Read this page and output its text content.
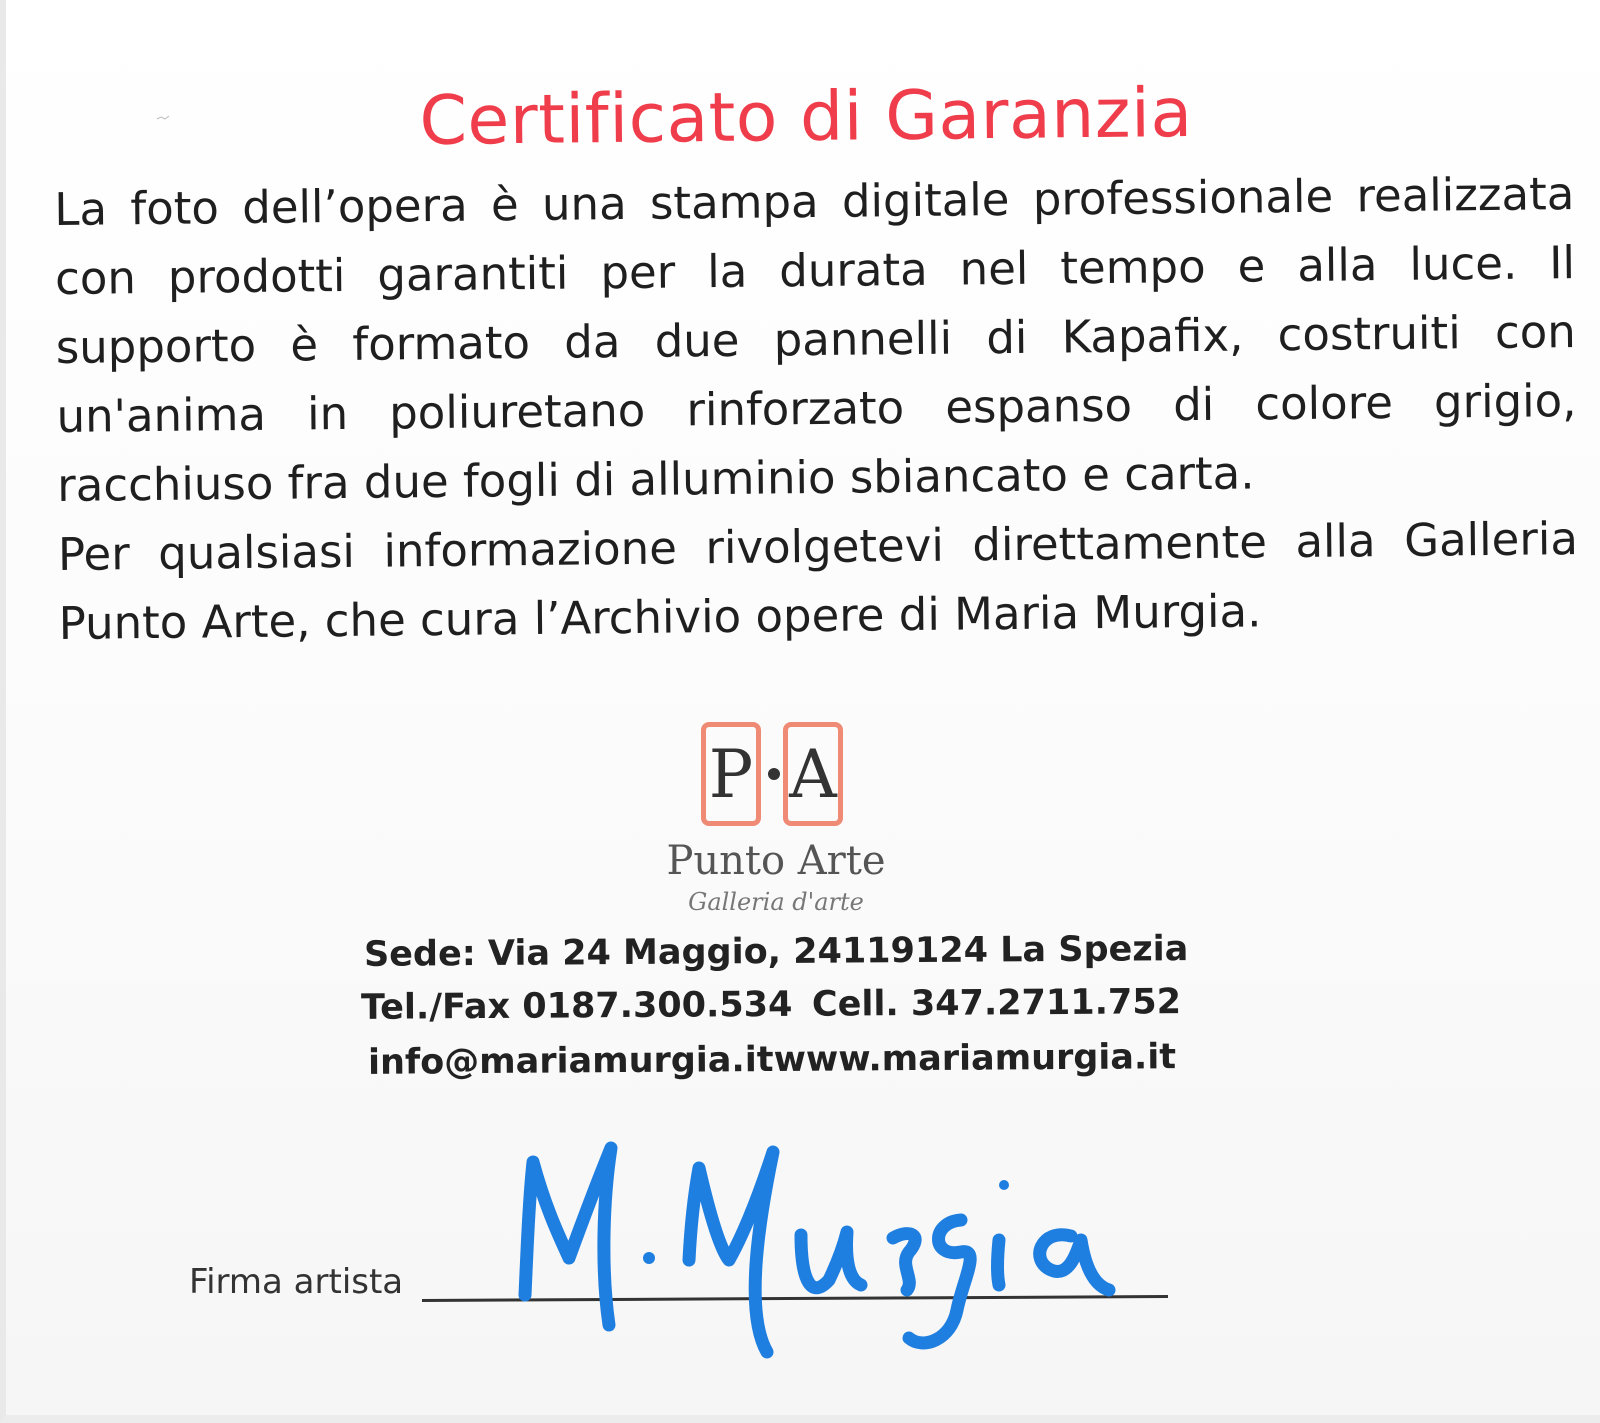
Certificato di Garanzia

La foto dell’opera è una stampa digitale professionale realizzata con prodotti garantiti per la durata nel tempo e alla luce. Il supporto è formato da due pannelli di Kapafix, costruiti con un'anima in poliuretano rinforzato espanso di colore grigio, racchiuso fra due fogli di alluminio sbiancato e carta.

Per qualsiasi informazione rivolgetevi direttamente alla Galleria Punto Arte, che cura l’Archivio opere di Maria Murgia.

P A
Punto Arte
Galleria d'arte
Sede: Via 24 Maggio, 241 19124 La Spezia
Tel./Fax 0187.300.534 Cell. 347.2711.752
info@mariamurgia.it www.mariamurgia.it
Firma artista
